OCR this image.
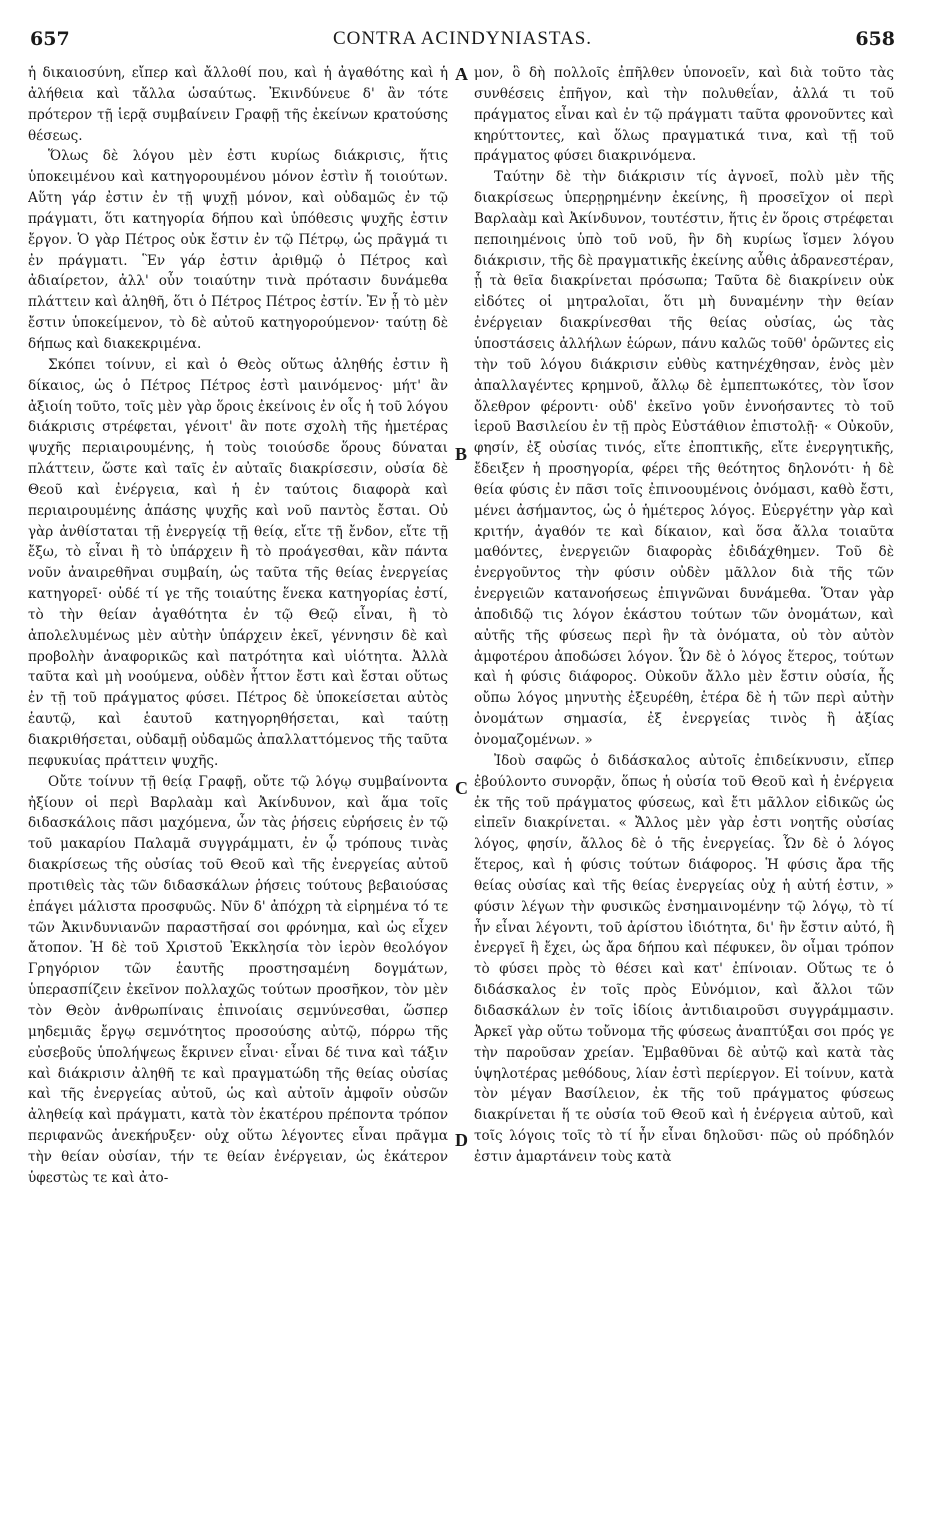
657	CONTRA ACINDYNIASTAS.	658

ἡ δικαιοσύνη, εἴπερ καὶ ἄλλοθί που, καὶ ἡ ἀγαθότης καὶ ἡ ἀλήθεια καὶ τἄλλα ὡσαύτως. Ἐκινδύνευε δ' ἂν τότε πρότερον τῇ ἱερᾷ συμβαίνειν Γραφῇ τῆς ἐκείνων κρατούσης θέσεως.

Ὅλως δὲ λόγου μὲν ἐστι κυρίως διάκρισις, ἥτις ὑποκειμένου καὶ κατηγορουμένου μόνον ἐστὶν ἤ τοιούτων. Αὕτη γάρ ἐστιν ἐν τῇ ψυχῇ μόνον, καὶ οὐδαμῶς ἐν τῷ πράγματι, ὅτι κατηγορία δήπου καὶ ὑπόθεσις ψυχῆς ἐστιν ἔργον. Ὁ γὰρ Πέτρος οὐκ ἔστιν ἐν τῷ Πέτρῳ, ὡς πρᾶγμά τι ἐν πράγματι. Ἓν γάρ ἐστιν ἀριθμῷ ὁ Πέτρος καὶ ἀδιαίρετον, ἀλλ' οὖν τοιαύτην τινὰ πρότασιν δυνάμεθα πλάττειν καὶ ἀληθῆ, ὅτι ὁ Πέτρος Πέτρος ἐστίν. Ἐν ᾗ τὸ μὲν ἔστιν ὑποκείμενον, τὸ δὲ αὐτοῦ κατηγορούμενον· ταύτῃ δὲ δήπως καὶ διακεκριμένα.

Σκόπει τοίνυν, εἰ καὶ ὁ Θεὸς οὕτως ἀληθής ἐστιν ἢ δίκαιος, ὡς ὁ Πέτρος Πέτρος ἐστὶ μαινόμενος· μήτ' ἂν ἀξιοίη τοῦτο, τοῖς μὲν γὰρ ὅροις ἐκείνοις ἐν οἷς ἡ τοῦ λόγου διάκρισις στρέφεται, γένοιτ' ἂν ποτε σχολὴ τῆς ἡμετέρας ψυχῆς περιαιρουμένης, ἡ τοὺς τοιούσδε ὅρους δύναται πλάττειν, ὥστε καὶ ταῖς ἐν αὐταῖς διακρίσεσιν, οὐσία δὲ Θεοῦ καὶ ἐνέργεια, καὶ ἡ ἐν ταύτοις διαφορὰ καὶ περιαιρουμένης ἁπάσης ψυχῆς καὶ νοῦ παντὸς ἔσται. Οὐ γὰρ ἀνθίσταται τῇ ἐνεργείᾳ τῇ θείᾳ, εἴτε τῇ ἔνδον, εἴτε τῇ ἔξω, τὸ εἶναι ἢ τὸ ὑπάρχειν ἢ τὸ προάγεσθαι, κἂν πάντα νοῦν ἀναιρεθῆναι συμβαίη, ὡς ταῦτα τῆς θείας ἐνεργείας κατηγορεῖ· οὐδέ τί γε τῆς τοιαύτης ἕνεκα κατηγορίας ἐστί, τὸ τὴν θείαν ἀγαθότητα ἐν τῷ Θεῷ εἶναι, ἢ τὸ ἀπολελυμένως μὲν αὐτὴν ὑπάρχειν ἐκεῖ, γέννησιν δὲ καὶ προβολὴν ἀναφορικῶς καὶ πατρότητα καὶ υἱότητα. Ἀλλὰ ταῦτα καὶ μὴ νοούμενα, οὐδὲν ἧττον ἔστι καὶ ἔσται οὕτως ἐν τῇ τοῦ πράγματος φύσει. Πέτρος δὲ ὑποκείσεται αὐτὸς ἑαυτῷ, καὶ ἑαυτοῦ κατηγορηθήσεται, καὶ ταύτῃ διακριθήσεται, οὐδαμῇ οὐδαμῶς ἀπαλλαττόμενος τῆς ταῦτα πεφυκυίας πράττειν ψυχῆς.

Οὔτε τοίνυν τῇ θείᾳ Γραφῇ, οὔτε τῷ λόγῳ συμβαίνοντα ἠξίουν οἱ περὶ Βαρλαὰμ καὶ Ἀκίνδυνον, καὶ ἅμα τοῖς διδασκάλοις πᾶσι μαχόμενα, ὧν τὰς ῥήσεις εὑρήσεις ἐν τῷ τοῦ μακαρίου Παλαμᾶ συγγράμματι, ἐν ᾧ τρόπους τινὰς διακρίσεως τῆς οὐσίας τοῦ Θεοῦ καὶ τῆς ἐνεργείας αὐτοῦ προτιθεὶς τὰς τῶν διδασκάλων ῥήσεις τούτους βεβαιούσας ἐπάγει μάλιστα προσφυῶς. Νῦν δ' ἀπόχρη τὰ εἰρημένα τό τε τῶν Ἀκινδυνιανῶν παραστῆσαί σοι φρόνημα, καὶ ὡς εἶχεν ἄτοπον. Ἡ δὲ τοῦ Χριστοῦ Ἐκκλησία τὸν ἱερὸν θεολόγον Γρηγόριον τῶν ἑαυτῆς προστησαμένη δογμάτων, ὑπερασπίζειν ἐκεῖνον πολλαχῶς τούτων προσῆκον, τὸν μὲν τὸν Θεὸν ἀνθρωπίναις ἐπινοίαις σεμνύνεσθαι, ὥσπερ μηδεμιᾶς ἔργῳ σεμνότητος προσούσης αὐτῷ, πόρρω τῆς εὐσεβοῦς ὑπολήψεως ἔκρινεν εἶναι· εἶναι δέ τινα καὶ τάξιν καὶ διάκρισιν ἀληθῆ τε καὶ πραγματώδη τῆς θείας οὐσίας καὶ τῆς ἐνεργείας αὐτοῦ, ὡς καὶ αὐτοῖν ἀμφοῖν οὐσῶν ἀληθείᾳ καὶ πράγματι, κατὰ τὸν ἑκατέρου πρέποντα τρόπον περιφανῶς ἀνεκήρυξεν· οὐχ οὕτω λέγοντες εἶναι πρᾶγμα τὴν θείαν οὐσίαν, τήν τε θείαν ἐνέργειαν, ὡς ἑκάτερον ὑφεστὼς τε καὶ ἀτο-

A
B
C
D

μον, ὃ δὴ πολλοῖς ἐπῆλθεν ὑπονοεῖν, καὶ διὰ τοῦτο τὰς συνθέσεις ἐπῆγον, καὶ τὴν πολυθεΐαν, ἀλλά τι τοῦ πράγματος εἶναι καὶ ἐν τῷ πράγματι ταῦτα φρονοῦντες καὶ κηρύττοντες, καὶ ὅλως πραγματικά τινα, καὶ τῇ τοῦ πράγματος φύσει διακρινόμενα.

Ταύτην δὲ τὴν διάκρισιν τίς ἀγνοεῖ, πολὺ μὲν τῆς διακρίσεως ὑπερῃρημένην ἐκείνης, ἣ προσεῖχον οἱ περὶ Βαρλαὰμ καὶ Ἀκίνδυνον, τουτέστιν, ἥτις ἐν ὅροις στρέφεται πεποιημένοις ὑπὸ τοῦ νοῦ, ἣν δὴ κυρίως ἴσμεν λόγου διάκρισιν, τῆς δὲ πραγματικῆς ἐκείνης αὖθις ἀδρανεστέραν, ᾗ τὰ θεῖα διακρίνεται πρόσωπα; Ταῦτα δὲ διακρίνειν οὐκ εἰδότες οἱ μητραλοῖαι, ὅτι μὴ δυναμένην τὴν θείαν ἐνέργειαν διακρίνεσθαι τῆς θείας οὐσίας, ὡς τὰς ὑποστάσεις ἀλλήλων ἑώρων, πάνυ καλῶς τοῦθ' ὁρῶντες εἰς τὴν τοῦ λόγου διάκρισιν εὐθὺς κατηνέχθησαν, ἑνὸς μὲν ἀπαλλαγέντες κρημνοῦ, ἄλλῳ δὲ ἐμπεπτωκότες, τὸν ἴσον ὄλεθρον φέροντι· οὐδ' ἐκεῖνο γοῦν ἐννοήσαντες τὸ τοῦ ἱεροῦ Βασιλείου ἐν τῇ πρὸς Εὐστάθιον ἐπιστολῇ· « Οὐκοῦν, φησίν, ἐξ οὐσίας τινός, εἴτε ἐποπτικῆς, εἴτε ἐνεργητικῆς, ἔδειξεν ἡ προσηγορία, φέρει τῆς θεότητος δηλονότι· ἡ δὲ θεία φύσις ἐν πᾶσι τοῖς ἐπινοουμένοις ὀνόμασι, καθὸ ἔστι, μένει ἀσήμαντος, ὡς ὁ ἡμέτερος λόγος. Εὐεργέτην γὰρ καὶ κριτήν, ἀγαθόν τε καὶ δίκαιον, καὶ ὅσα ἄλλα τοιαῦτα μαθόντες, ἐνεργειῶν διαφορὰς ἐδιδάχθημεν. Τοῦ δὲ ἐνεργοῦντος τὴν φύσιν οὐδὲν μᾶλλον διὰ τῆς τῶν ἐνεργειῶν κατανοήσεως ἐπιγνῶναι δυνάμεθα. Ὅταν γὰρ ἀποδιδῷ τις λόγον ἑκάστου τούτων τῶν ὀνομάτων, καὶ αὐτῆς τῆς φύσεως περὶ ἣν τὰ ὀνόματα, οὐ τὸν αὐτὸν ἀμφοτέρου ἀποδώσει λόγον. Ὧν δὲ ὁ λόγος ἕτερος, τούτων καὶ ἡ φύσις διάφορος. Οὐκοῦν ἄλλο μὲν ἔστιν οὐσία, ἧς οὔπω λόγος μηνυτὴς ἐξευρέθη, ἑτέρα δὲ ἡ τῶν περὶ αὐτὴν ὀνομάτων σημασία, ἐξ ἐνεργείας τινὸς ἢ ἀξίας ὀνομαζομένων. »

Ἰδοὺ σαφῶς ὁ διδάσκαλος αὐτοῖς ἐπιδείκνυσιν, εἴπερ ἐβούλοντο συνορᾷν, ὅπως ἡ οὐσία τοῦ Θεοῦ καὶ ἡ ἐνέργεια ἐκ τῆς τοῦ πράγματος φύσεως, καὶ ἔτι μᾶλλον εἰδικῶς ὡς εἰπεῖν διακρίνεται. « Ἄλλος μὲν γὰρ ἐστι νοητῆς οὐσίας λόγος, φησίν, ἄλλος δὲ ὁ τῆς ἐνεργείας. Ὧν δὲ ὁ λόγος ἕτερος, καὶ ἡ φύσις τούτων διάφορος. Ἡ φύσις ἄρα τῆς θείας οὐσίας καὶ τῆς θείας ἐνεργείας οὐχ ἡ αὐτή ἐστιν, » φύσιν λέγων τὴν φυσικῶς ἐνσημαινομένην τῷ λόγῳ, τὸ τί ἦν εἶναι λέγοντι, τοῦ ἀρίστου ἰδιότητα, δι' ἣν ἔστιν αὐτό, ἣ ἐνεργεῖ ἣ ἔχει, ὡς ἄρα δήπου καὶ πέφυκεν, ὃν οἶμαι τρόπον τὸ φύσει πρὸς τὸ θέσει καὶ κατ' ἐπίνοιαν. Οὕτως τε ὁ διδάσκαλος ἐν τοῖς πρὸς Εὐνόμιον, καὶ ἄλλοι τῶν διδασκάλων ἐν τοῖς ἰδίοις ἀντιδιαιροῦσι συγγράμμασιν. Ἀρκεῖ γὰρ οὕτω τοὔνομα τῆς φύσεως ἀναπτύξαι σοι πρός γε τὴν παροῦσαν χρείαν. Ἐμβαθῦναι δὲ αὐτῷ καὶ κατὰ τὰς ὑψηλοτέρας μεθόδους, λίαν ἐστὶ περίεργον. Εἰ τοίνυν, κατὰ τὸν μέγαν Βασίλειον, ἐκ τῆς τοῦ πράγματος φύσεως διακρίνεται ἥ τε οὐσία τοῦ Θεοῦ καὶ ἡ ἐνέργεια αὐτοῦ, καὶ τοῖς λόγοις τοῖς τὸ τί ἦν εἶναι δηλοῦσι· πῶς οὐ πρόδηλόν ἐστιν ἁμαρτάνειν τοὺς κατὰ
